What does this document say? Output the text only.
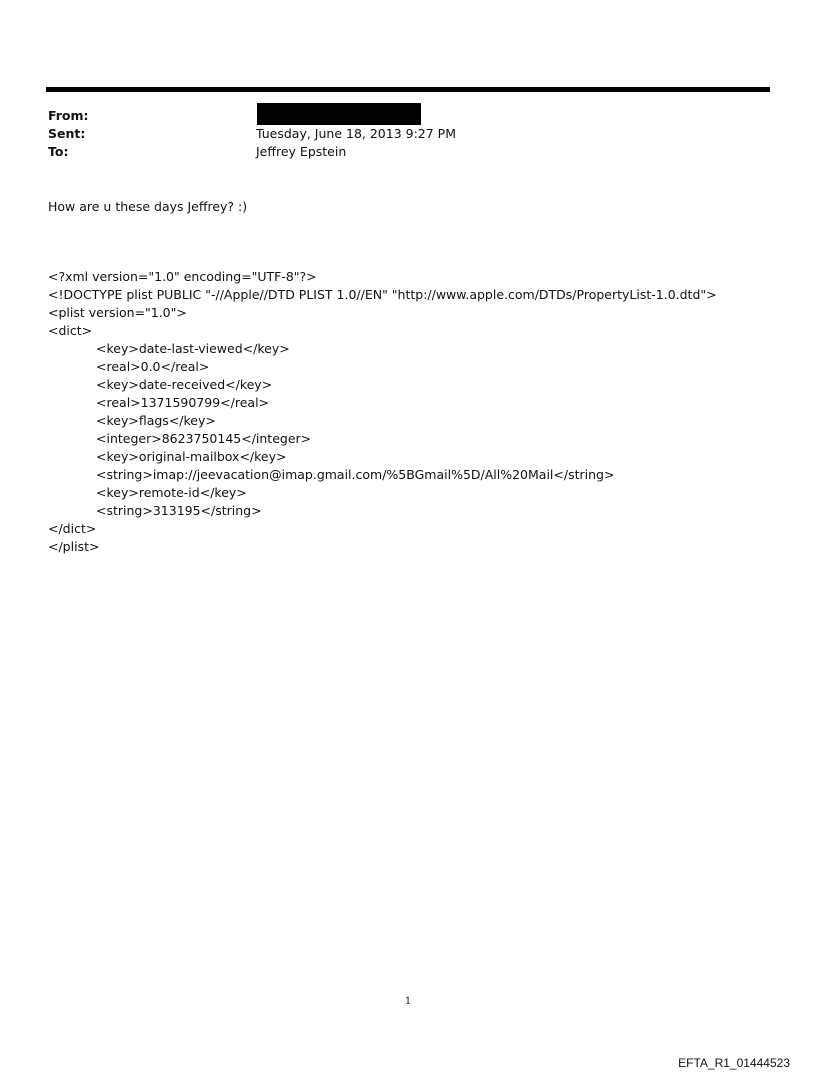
From:
Sent:	Tuesday, June 18, 2013 9:27 PM
To:	Jeffrey Epstein
How are u these days Jeffrey? :)
<?xml version="1.0" encoding="UTF-8"?>
<!DOCTYPE plist PUBLIC "-//Apple//DTD PLIST 1.0//EN" "http://www.apple.com/DTDs/PropertyList-1.0.dtd">
<plist version="1.0">
<dict>
<key>date-last-viewed</key>
<real>0.0</real>
<key>date-received</key>
<real>1371590799</real>
<key>flags</key>
<integer>8623750145</integer>
<key>original-mailbox</key>
<string>imap://jeevacation@imap.gmail.com/%5BGmail%5D/All%20Mail</string>
<key>remote-id</key>
<string>313195</string>
</dict>
</plist>
1
EFTA_R1_01444523
